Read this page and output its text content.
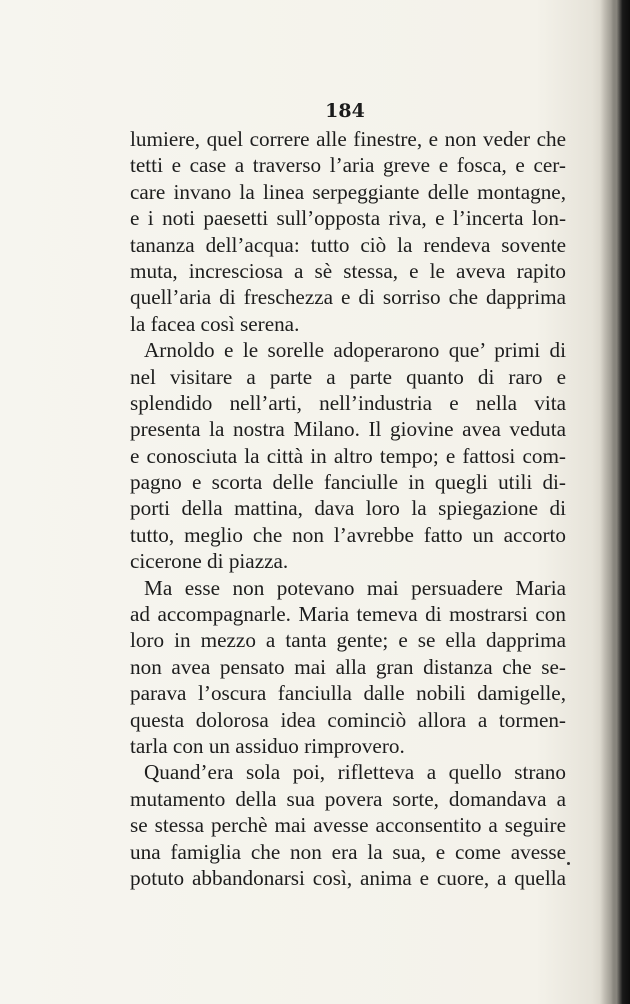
184
lumiere, quel correre alle finestre, e non veder che
tetti e case a traverso l’aria greve e fosca, e cer-
care invano la linea serpeggiante delle montagne,
e i noti paesetti sull’opposta riva, e l’incerta lon-
tananza dell’acqua: tutto ciò la rendeva sovente
muta, incresciosa a sè stessa, e le aveva rapito
quell’aria di freschezza e di sorriso che dapprima
la facea così serena.
Arnoldo e le sorelle adoperarono que’ primi di
nel visitare a parte a parte quanto di raro e
splendido nell’arti, nell’industria e nella vita
presenta la nostra Milano. Il giovine avea veduta
e conosciuta la città in altro tempo; e fattosi com-
pagno e scorta delle fanciulle in quegli utili di-
porti della mattina, dava loro la spiegazione di
tutto, meglio che non l’avrebbe fatto un accorto
cicerone di piazza.
Ma esse non potevano mai persuadere Maria
ad accompagnarle. Maria temeva di mostrarsi con
loro in mezzo a tanta gente; e se ella dapprima
non avea pensato mai alla gran distanza che se-
parava l’oscura fanciulla dalle nobili damigelle,
questa dolorosa idea cominciò allora a tormen-
tarla con un assiduo rimprovero.
Quand’era sola poi, rifletteva a quello strano
mutamento della sua povera sorte, domandava a
se stessa perchè mai avesse acconsentito a seguire
una famiglia che non era la sua, e come avesse
potuto abbandonarsi così, anima e cuore, a quella
